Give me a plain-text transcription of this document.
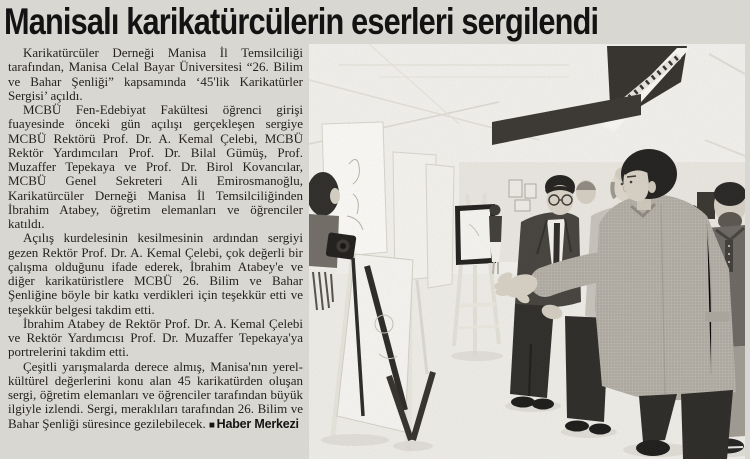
Manisalı karikatürcülerin eserleri sergilendi

Karikatürcüler Derneği Manisa İl Temsilciliği tarafından, Manisa Celal Bayar Üniversitesi “26. Bilim ve Bahar Şenliği” kapsamında ‘45'lik Karikatürler Sergisi’ açıldı.

MCBÜ Fen-Edebiyat Fakültesi öğrenci girişi fuayesinde önceki gün açılışı gerçekleşen sergiye MCBÜ Rektörü Prof. Dr. A. Kemal Çelebi, MCBÜ Rektör Yardımcıları Prof. Dr. Bilal Gümüş, Prof. Muzaffer Tepekaya ve Prof. Dr. Birol Kovancılar, MCBÜ Genel Sekreteri Ali Emirosmanoğlu, Karikatürcüler Derneği Manisa İl Temsilciliğinden İbrahim Atabey, öğretim elemanları ve öğrenciler katıldı.

Açılış kurdelesinin kesilmesinin ardından sergiyi gezen Rektör Prof. Dr. A. Kemal Çelebi, çok değerli bir çalışma olduğunu ifade ederek, İbrahim Atabey'e ve diğer karikatüristlere MCBÜ 26. Bilim ve Bahar Şenliğine böyle bir katkı verdikleri için teşekkür etti ve teşekkür belgesi takdim etti.

İbrahim Atabey de Rektör Prof. Dr. A. Kemal Çelebi ve Rektör Yardımcısı Prof. Dr. Muzaffer Tepekaya'ya portrelerini takdim etti.

Çeşitli yarışmalarda derece almış, Manisa'nın yerel-kültürel değerlerini konu alan 45 karikatürden oluşan sergi, öğretim elemanları ve öğrenciler tarafından büyük ilgiyle izlendi. Sergi, meraklıları tarafından 26. Bilim ve Bahar Şenliği süresince gezilebilecek. ■ Haber Merkezi
